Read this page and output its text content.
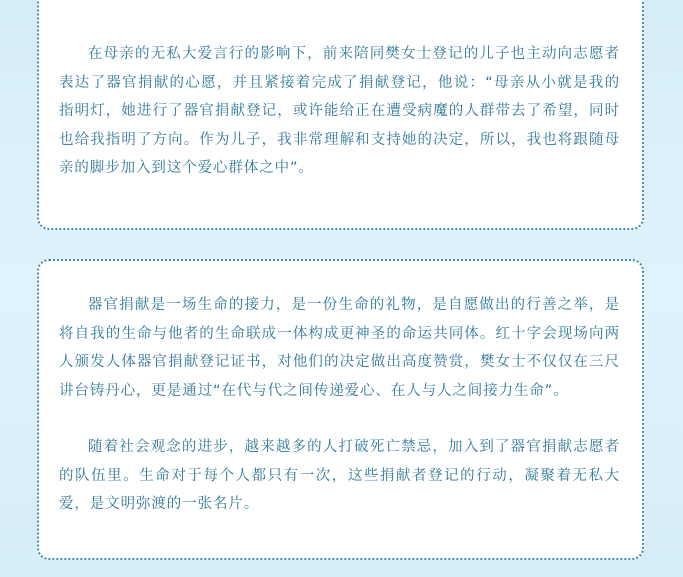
在母亲的无私大爱言行的影响下，前来陪同樊女士登记的儿子也主动向志愿者表达了器官捐献的心愿，并且紧接着完成了捐献登记，他说：“母亲从小就是我的指明灯，她进行了器官捐献登记，或许能给正在遭受病魔的人群带去了希望，同时也给我指明了方向。作为儿子，我非常理解和支持她的决定，所以，我也将跟随母亲的脚步加入到这个爱心群体之中”。

器官捐献是一场生命的接力，是一份生命的礼物，是自愿做出的行善之举，是将自我的生命与他者的生命联成一体构成更神圣的命运共同体。红十字会现场向两人颁发人体器官捐献登记证书，对他们的决定做出高度赞赏，樊女士不仅仅在三尺讲台铸丹心，更是通过“在代与代之间传递爱心、在人与人之间接力生命”。

随着社会观念的进步，越来越多的人打破死亡禁忌，加入到了器官捐献志愿者的队伍里。生命对于每个人都只有一次，这些捐献者登记的行动，凝聚着无私大爱，是文明弥渡的一张名片。
